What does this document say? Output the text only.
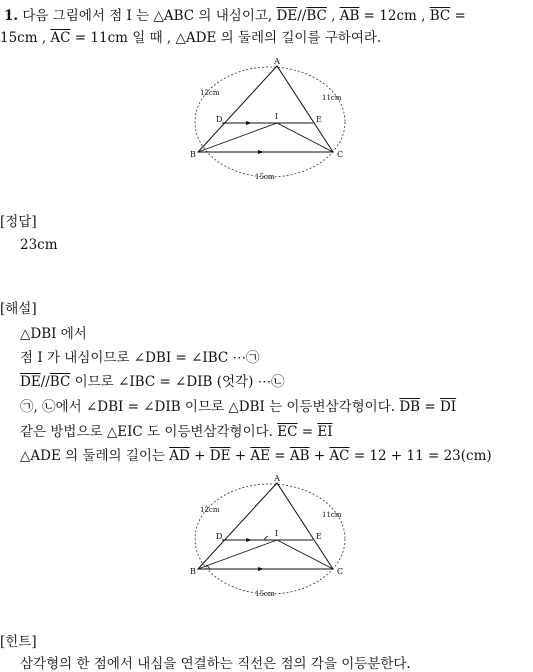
1. 다음 그림에서 점 I 는 △ABC 의 내심이고, $\overline{DE}//\overline{BC}$ , $\overline{AB} = 12cm$ , $\overline{BC}$ =
15cm , $\overline{AC} = 11cm$ 일 때 , △ADE 의 둘레의 길이를 구하여라.
A
B	C
D	E
I
12cm
11cm
15cm
[정답]
23cm
[해설]
△DBI 에서
점 I 가 내심이므로 ∠DBI = ∠IBC ⋯㉠
$\overline{DE}//\overline{BC}$ 이므로 ∠IBC = ∠DIB (엇각) ⋯㉡
㉠, ㉡에서 ∠DBI = ∠DIB 이므로 △DBI 는 이등변삼각형이다. $\overline{DB} = \overline{DI}$
같은 방법으로 △EIC 도 이등변삼각형이다. $\overline{EC} = \overline{EI}$
△ADE 의 둘레의 길이는 $\overline{AD} + \overline{DE} + \overline{AE} = \overline{AB} + \overline{AC} = 12 + 11 = 23(cm)$
A
B	C
D	E
I
12cm
11cm
15cm
[힌트]
삼각형의 한 점에서 내심을 연결하는 직선은 점의 각을 이등분한다.
